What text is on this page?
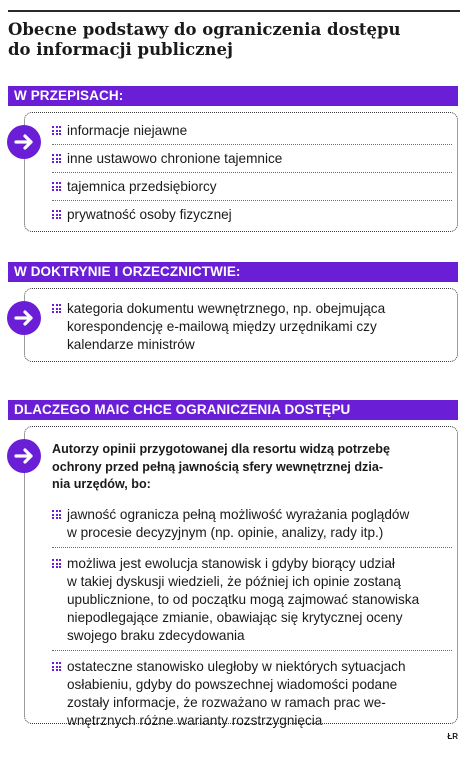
Obecne podstawy do ograniczenia dostępu
do informacji publicznej
W PRZEPISACH:
W DOKTRYNIE I ORZECZNICTWIE:
DLACZEGO MAIC CHCE OGRANICZENIA DOSTĘPU
informacje niejawne
inne ustawowo chronione tajemnice
tajemnica przedsiębiorcy
prywatność osoby fizycznej
kategoria dokumentu wewnętrznego, np. obejmująca
korespondencję e-mailową między urzędnikami czy
kalendarze ministrów
Autorzy opinii przygotowanej dla resortu widzą potrzebę
ochrony przed pełną jawnością sfery wewnętrznej dzia-
nia urzędów, bo:
jawność ogranicza pełną możliwość wyrażania poglądów
w procesie decyzyjnym (np. opinie, analizy, rady itp.)
możliwa jest ewolucja stanowisk i gdyby biorący udział
w takiej dyskusji wiedzieli, że później ich opinie zostaną
upublicznione, to od początku mogą zajmować stanowiska
niepodlegające zmianie, obawiając się krytycznej oceny
swojego braku zdecydowania
ostateczne stanowisko uległoby w niektórych sytuacjach
osłabieniu, gdyby do powszechnej wiadomości podane
zostały informacje, że rozważano w ramach prac we-
wnętrznych różne warianty rozstrzygnięcia
ŁR
